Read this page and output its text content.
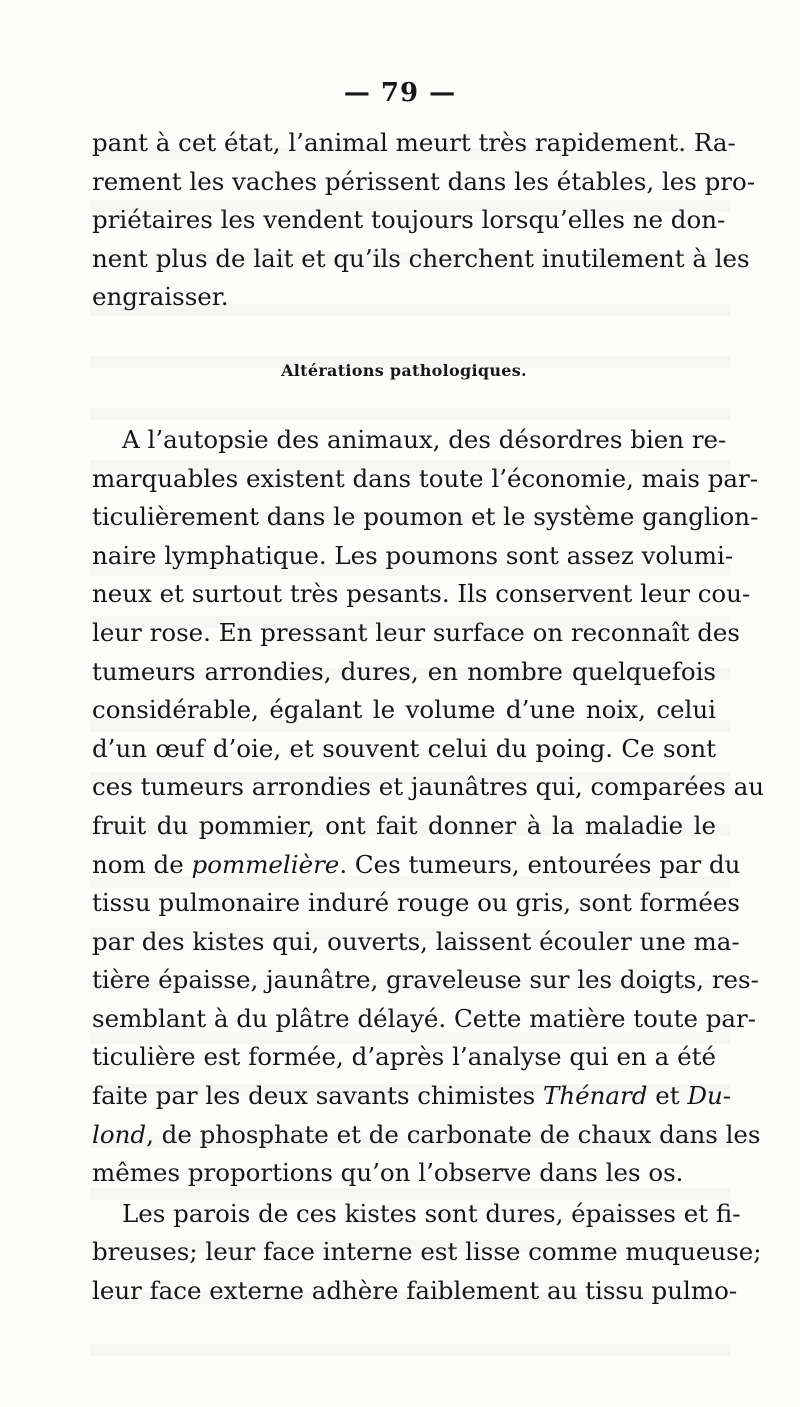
— 79 —
pant à cet état, l’animal meurt très rapidement. Ra-
rement les vaches périssent dans les étables, les pro-
priétaires les vendent toujours lorsqu’elles ne don-
nent plus de lait et qu’ils cherchent inutilement à les
engraisser.
Altérations pathologiques.
A l’autopsie des animaux, des désordres bien re-
marquables existent dans toute l’économie, mais par-
ticulièrement dans le poumon et le système ganglion-
naire lymphatique. Les poumons sont assez volumi-
neux et surtout très pesants. Ils conservent leur cou-
leur rose. En pressant leur surface on reconnaît des
tumeurs arrondies, dures, en nombre quelquefois
considérable, égalant le volume d’une noix, celui
d’un œuf d’oie, et souvent celui du poing. Ce sont
ces tumeurs arrondies et jaunâtres qui, comparées au
fruit du pommier, ont fait donner à la maladie le
nom de pommelière. Ces tumeurs, entourées par du
tissu pulmonaire induré rouge ou gris, sont formées
par des kistes qui, ouverts, laissent écouler une ma-
tière épaisse, jaunâtre, graveleuse sur les doigts, res-
semblant à du plâtre délayé. Cette matière toute par-
ticulière est formée, d’après l’analyse qui en a été
faite par les deux savants chimistes Thénard et Du-
lond, de phosphate et de carbonate de chaux dans les
mêmes proportions qu’on l’observe dans les os.
Les parois de ces kistes sont dures, épaisses et fi-
breuses; leur face interne est lisse comme muqueuse;
leur face externe adhère faiblement au tissu pulmo-
